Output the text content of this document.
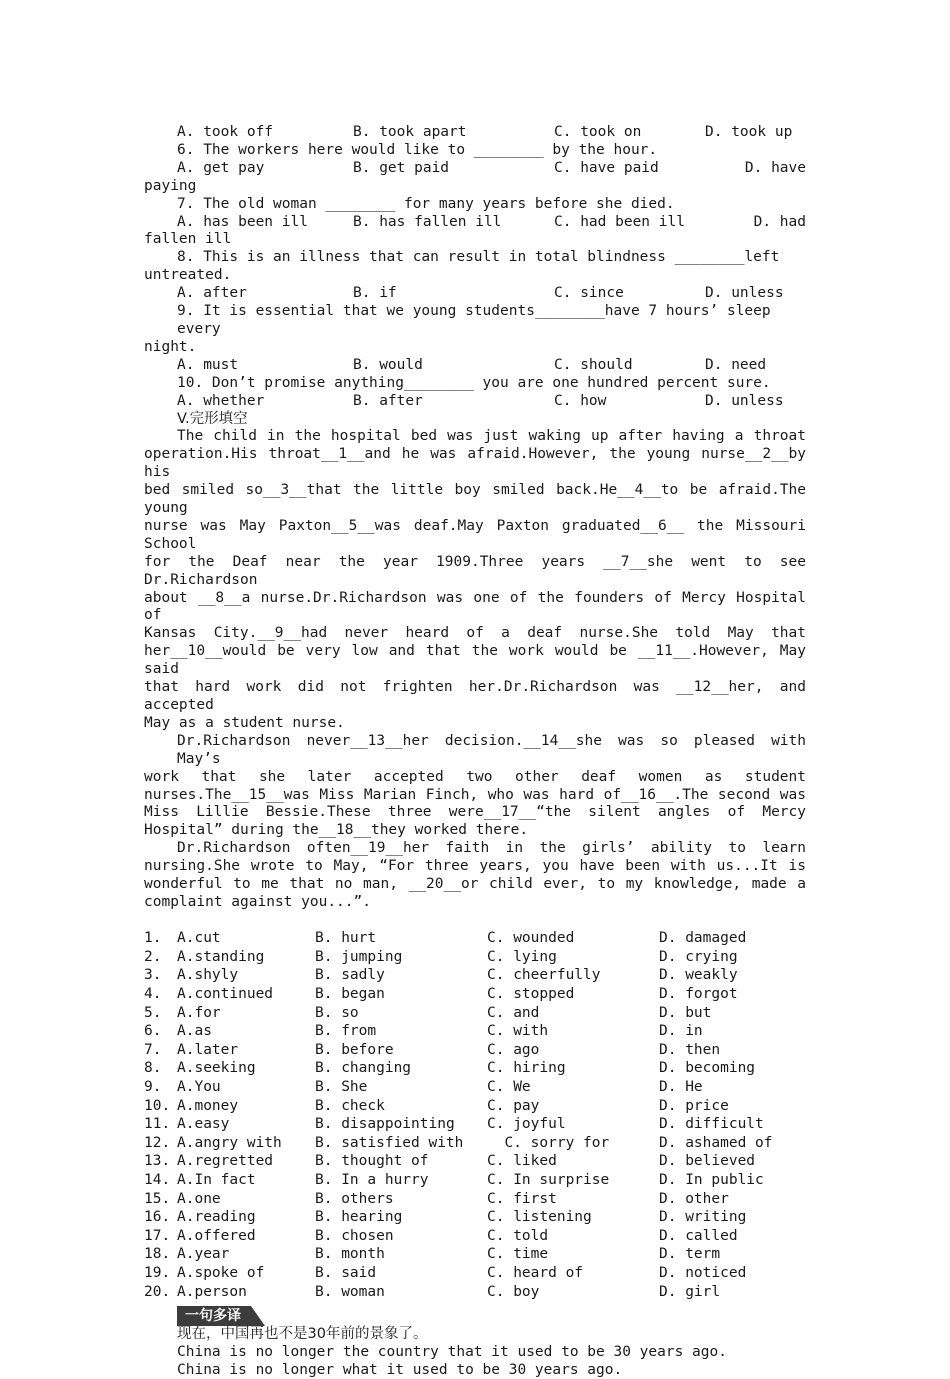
A. took off	B. took apart	C. took on	D. took up
6. The workers here would like to ________ by the hour.
A. get pay	B. get paid	C. have paid	D. have
paying
7. The old woman ________ for many years before she died.
A. has been ill	B. has fallen ill	C. had been ill	D. had
fallen ill
8. This is an illness that can result in total blindness ________left
untreated.
A. after	B. if	C. since	D. unless
9. It is essential that we young students________have 7 hours’ sleep every
night.
A. must	B. would	C. should	D. need
10. Don’t promise anything________ you are one hundred percent sure.
A. whether	B. after	C. how	D. unless
V.完形填空
The child in the hospital bed was just waking up after having a throat
operation.His throat__1__and he was afraid.However, the young nurse__2__by his
bed smiled so__3__that the little boy smiled back.He__4__to be afraid.The young
nurse was May Paxton__5__was deaf.May Paxton graduated__6__ the Missouri School
for the Deaf near the year 1909.Three years __7__she went to see Dr.Richardson
about __8__a nurse.Dr.Richardson was one of the founders of Mercy Hospital of
Kansas City.__9__had never heard of a deaf nurse.She told May that
her__10__would be very low and that the work would be __11__.However, May said
that hard work did not frighten her.Dr.Richardson was __12__her, and accepted
May as a student nurse.
Dr.Richardson never__13__her decision.__14__she was so pleased with May’s
work that she later accepted two other deaf women as student
nurses.The__15__was Miss Marian Finch, who was hard of__16__.The second was
Miss Lillie Bessie.These three were__17__“the silent angles of Mercy
Hospital” during the__18__they worked there.
Dr.Richardson often__19__her faith in the girls’ ability to learn
nursing.She wrote to May, “For three years, you have been with us...It is
wonderful to me that no man, __20__or child ever, to my knowledge, made a
complaint against you...”.
1.	A.cut	B. hurt	C. wounded	D. damaged
2.	A.standing	B. jumping	C. lying	D. crying
3.	A.shyly	B. sadly	C. cheerfully	D. weakly
4.	A.continued	B. began	C. stopped	D. forgot
5.	A.for	B. so	C. and	D. but
6.	A.as	B. from	C. with	D. in
7.	A.later	B. before	C. ago	D. then
8.	A.seeking	B. changing	C. hiring	D. becoming
9.	A.You	B. She	C. We	D. He
10. A.money	B. check	C. pay	D. price
11. A.easy	B. disappointing	C. joyful	D. difficult
12. A.angry with	B. satisfied with	C. sorry for	D. ashamed of
13. A.regretted	B. thought of	C. liked	D. believed
14. A.In fact	B. In a hurry	C. In surprise	D. In public
15. A.one	B. others	C. first	D. other
16. A.reading	B. hearing	C. listening	D. writing
17. A.offered	B. chosen	C. told	D. called
18. A.year	B. month	C. time	D. term
19. A.spoke of	B. said	C. heard of	D. noticed
20. A.person	B. woman	C. boy	D. girl
一句多译
现在，中国再也不是30年前的景象了。
China is no longer the country that it used to be 30 years ago.
China is no longer what it used to be 30 years ago.
